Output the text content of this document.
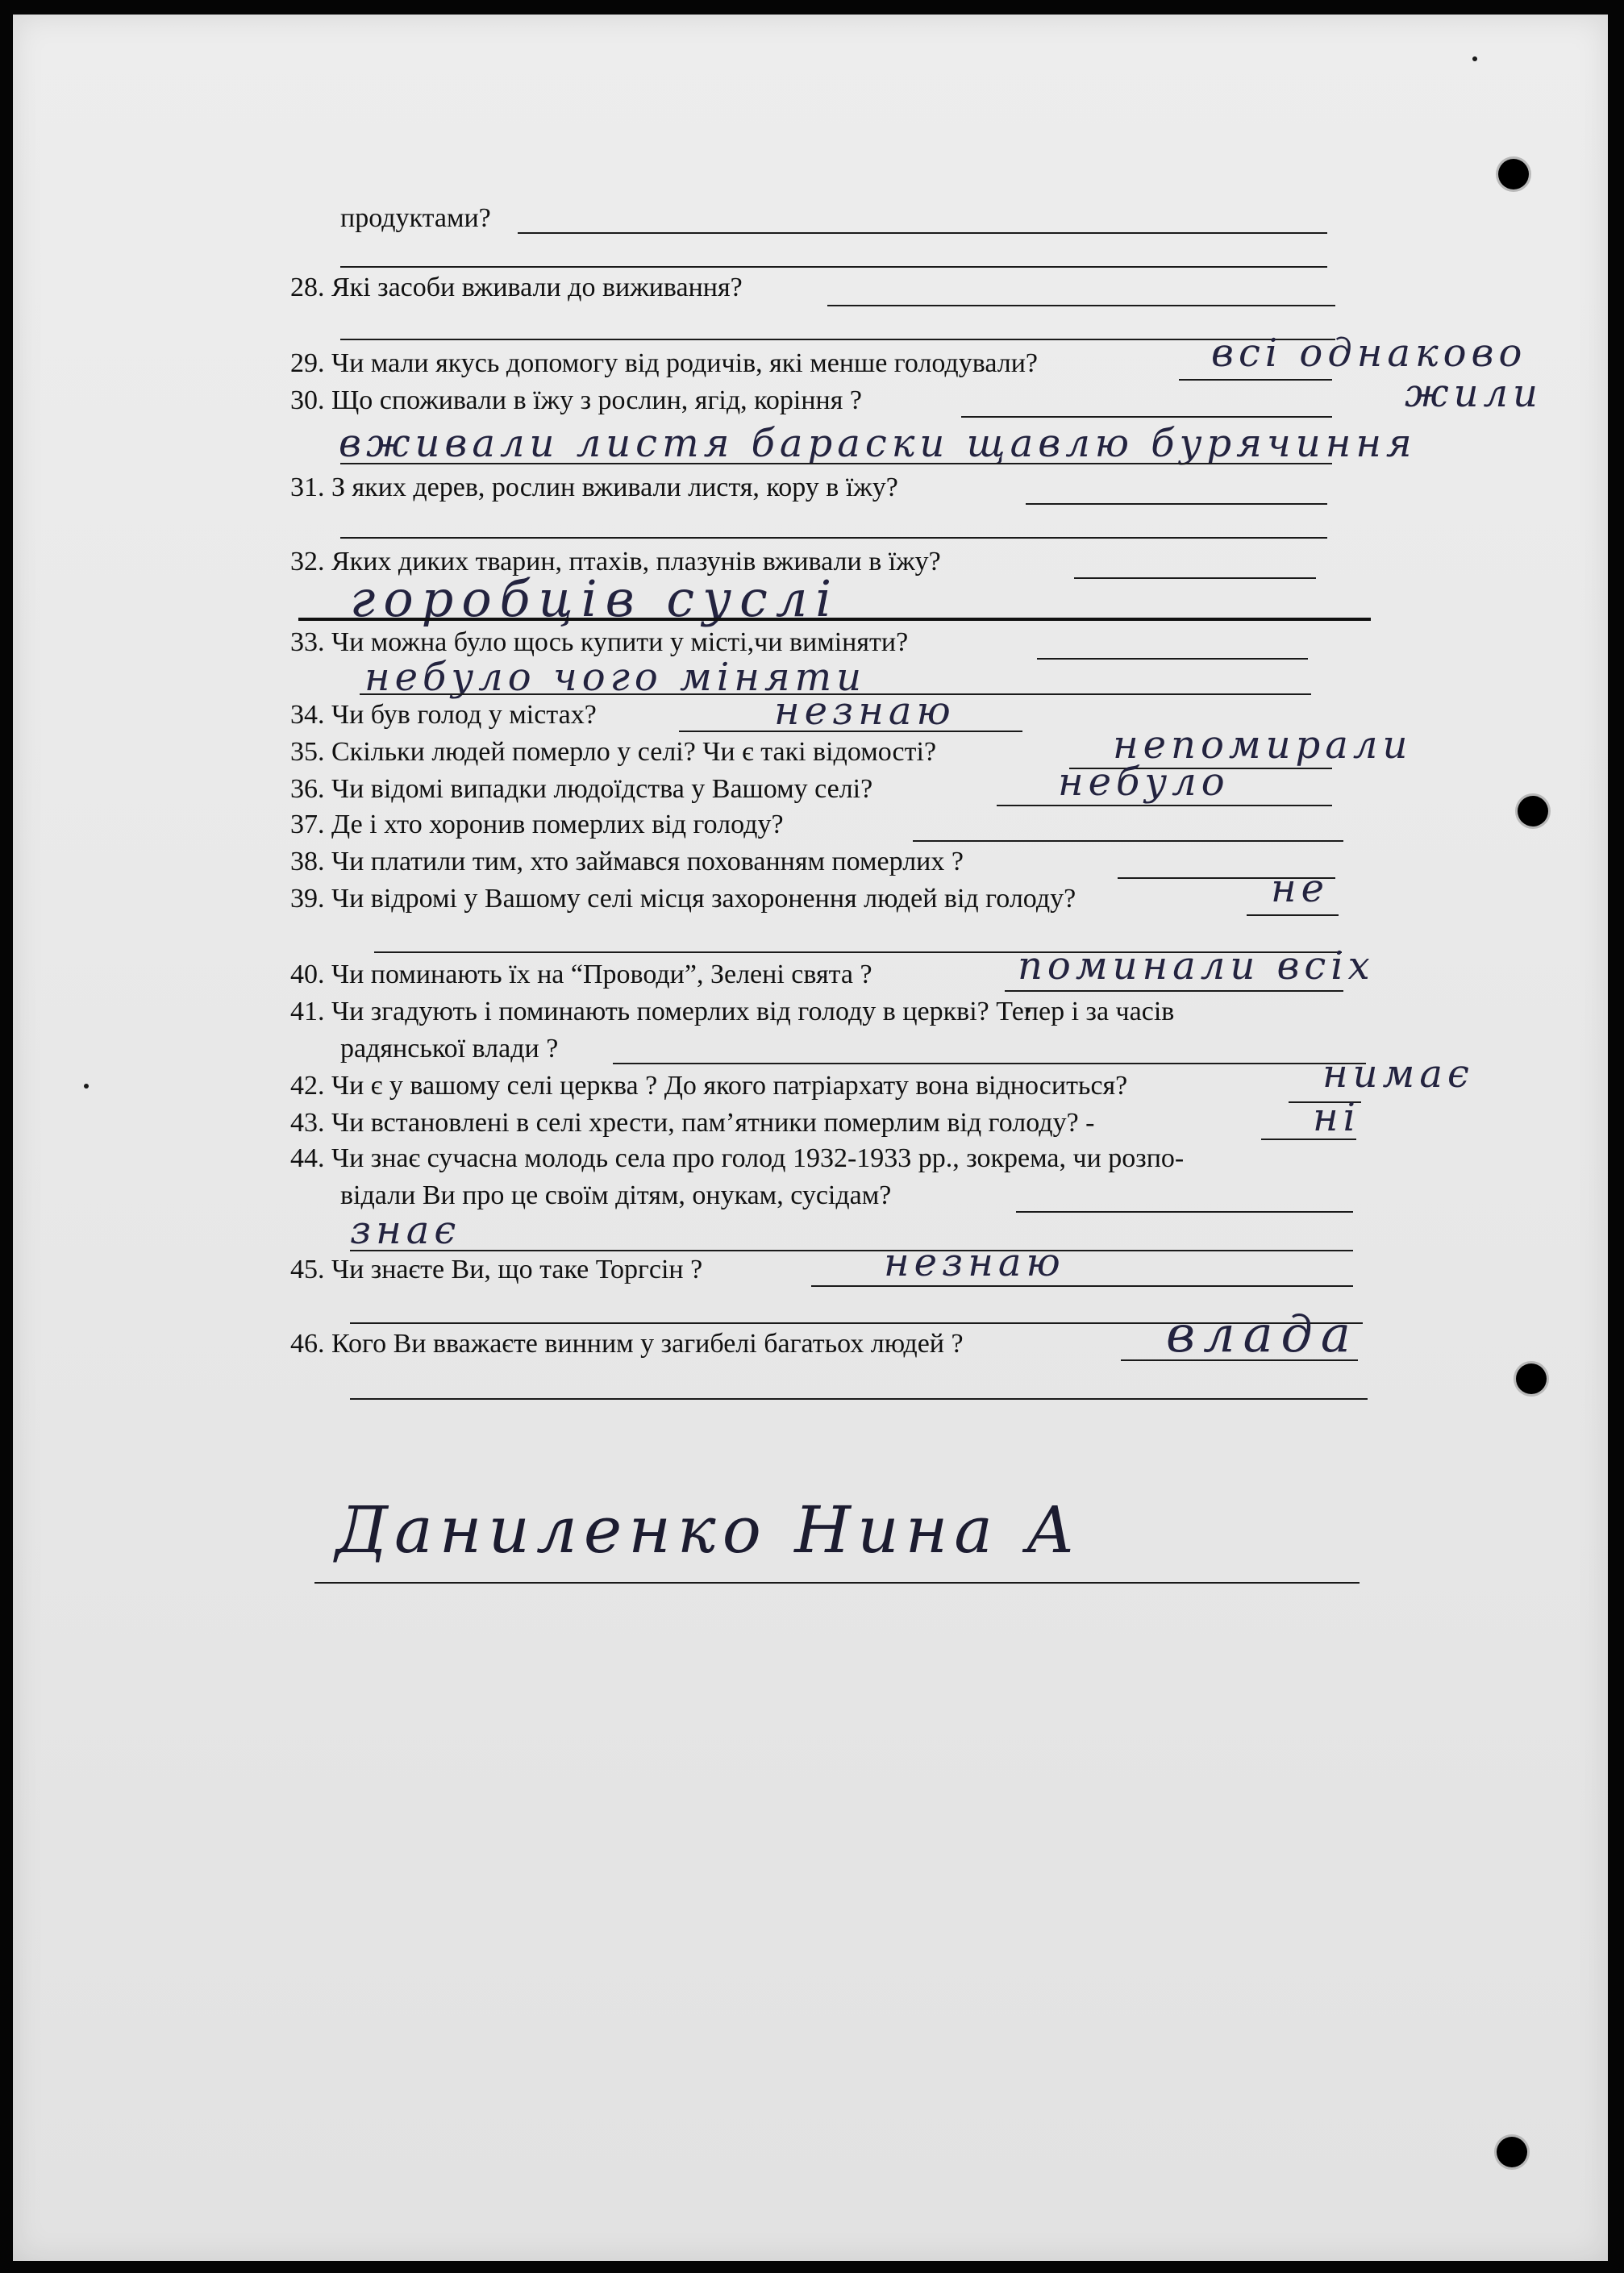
продуктами?
28. Які засоби вживали до виживання?
29. Чи мали якусь допомогу від родичів, які менше голодували?	всі однаково
30. Що споживали в їжу з рослин, ягід, коріння ?	жили
вживали листя бараски щавлю бурячиння
31. З яких дерев, рослин вживали листя, кору в їжу?
32. Яких диких тварин, птахів, плазунів вживали в їжу?
горобців суслі
33. Чи можна було щось купити у місті,чи виміняти?
небуло чого міняти
34. Чи був голод у містах?	незнаю
35. Скільки людей померло у селі? Чи є такі відомості?	непомирали
36. Чи відомі випадки людоїдства у Вашому селі?	небуло
37. Де і хто хоронив померлих від голоду?
38. Чи платили тим, хто займався похованням померлих ?
39. Чи відромі у Вашому селі місця захоронення людей від голоду?	не
40. Чи поминають їх на “Проводи”, Зелені свята ?	поминали всіх
41. Чи згадують і поминають померлих від голоду в церкві? Тепер і за часів
радянської влади ?
42. Чи є у вашому селі церква ? До якого патріархату вона відноситься?	нимає
43. Чи встановлені в селі хрести, пам’ятники померлим від голоду? -	ні
44. Чи знає сучасна молодь села про голод 1932-1933 рр., зокрема, чи розпо-
відали Ви про це своїм дітям, онукам, сусідам?
знає
45. Чи знаєте Ви, що таке Торгсін ?	незнаю
46. Кого Ви вважаєте винним у загибелі багатьох людей ?	влада
Даниленко Нина А
